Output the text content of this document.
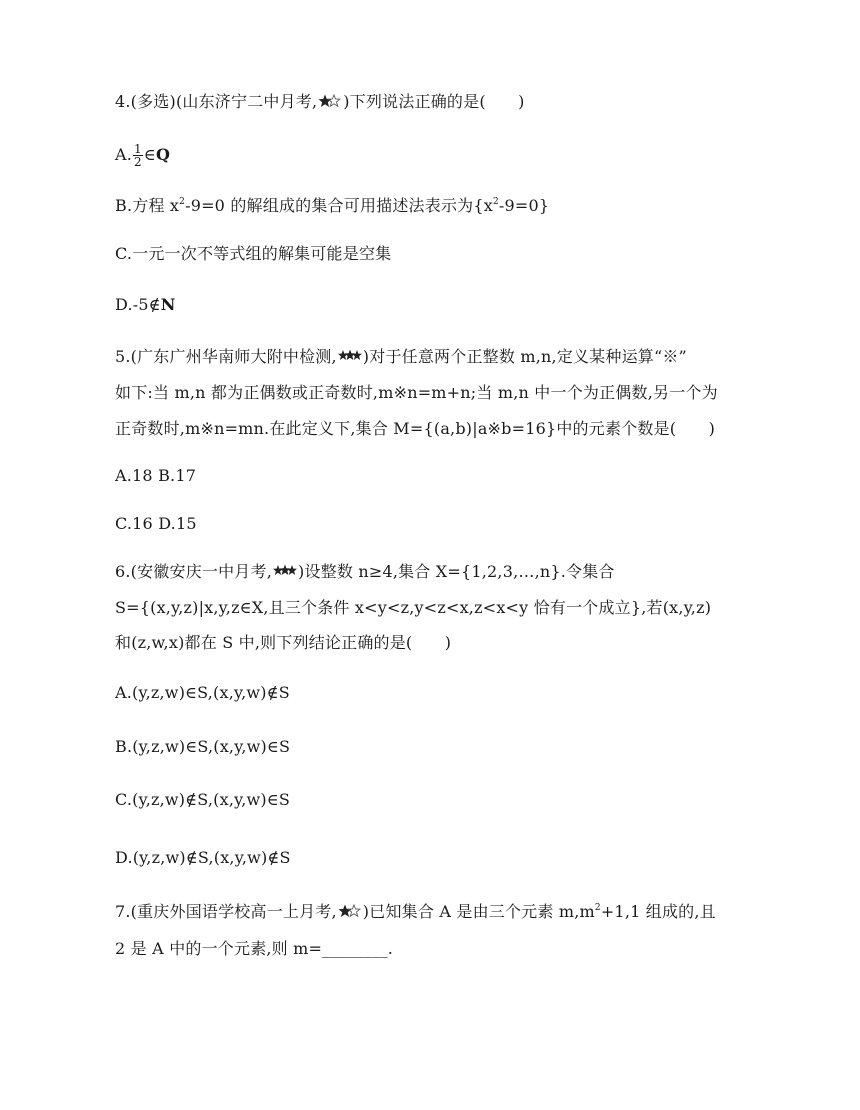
4.(多选)(山东济宁二中月考, )下列说法正确的是(　　)
A. $\frac{1}{2}$ ∈Q
B.方程 $x^2-9=0$ 的解组成的集合可用描述法表示为$\{x^2-9=0\}$
C.一元一次不等式组的解集可能是空集
D.-5∉N
5.(广东广州华南师大附中检测, )对于任意两个正整数 m,n,定义某种运算“※”
如下:当 m,n 都为正偶数或正奇数时,m※n=m+n;当 m,n 中一个为正偶数,另一个为
正奇数时,m※n=mn.在此定义下,集合 M={(a,b)|a※b=16}中的元素个数是(　　)
A.18 B.17
C.16 D.15
6.(安徽安庆一中月考, )设整数 n≥4,集合 X={1,2,3,…,n}.令集合
S={(x,y,z)|x,y,z∈X,且三个条件 x<y<z,y<z<x,z<x<y 恰有一个成立},若(x,y,z)
和(z,w,x)都在 S 中,则下列结论正确的是(　　)
A.(y,z,w)∈S,(x,y,w)∉S
B.(y,z,w)∈S,(x,y,w)∈S
C.(y,z,w)∉S,(x,y,w)∈S
D.(y,z,w)∉S,(x,y,w)∉S
7.(重庆外国语学校高一上月考, )已知集合 A 是由三个元素 $m,m^2+1,1$ 组成的,且
2 是 A 中的一个元素,则 m=________.
